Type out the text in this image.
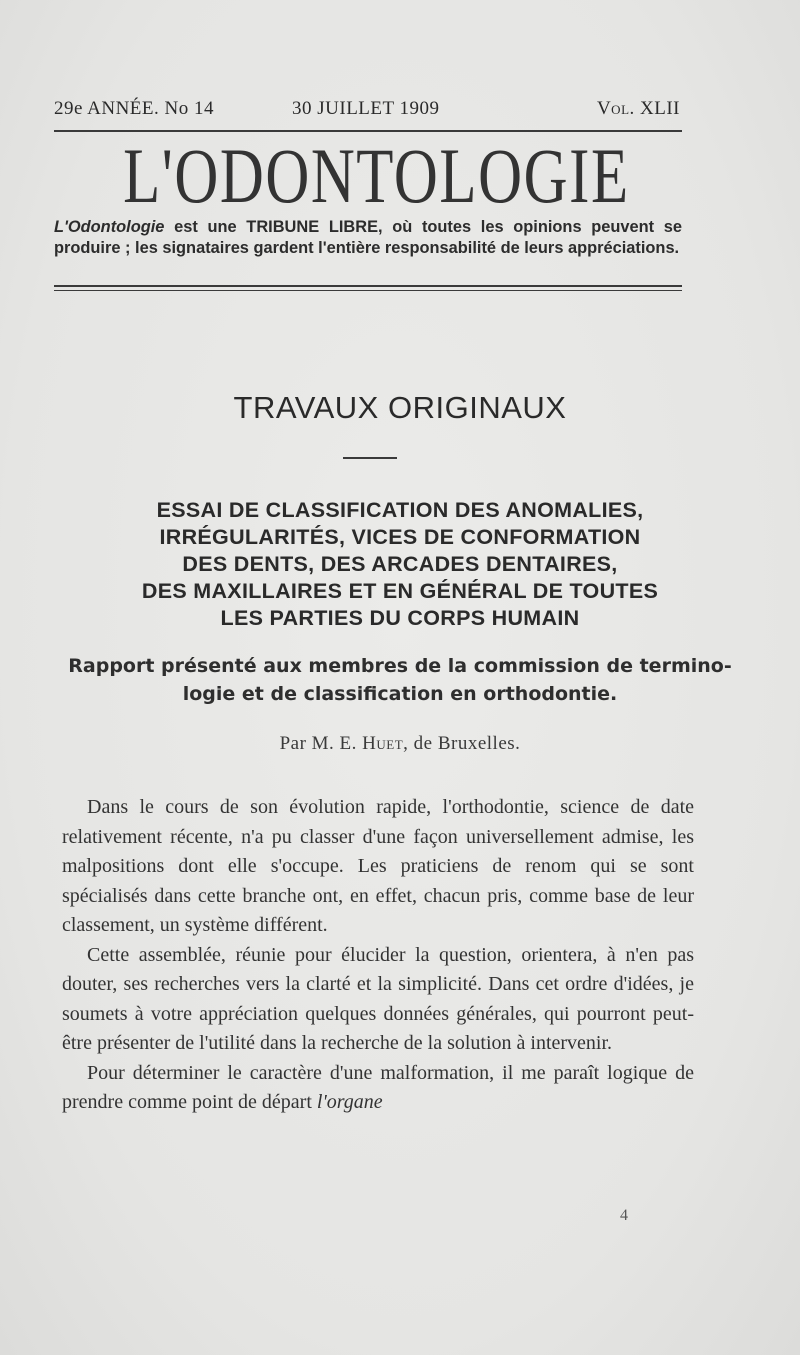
29e ANNÉE. No 14	30 JUILLET 1909	Vol. XLII
L'ODONTOLOGIE
L'Odontologie est une TRIBUNE LIBRE, où toutes les opinions peuvent se produire ; les signataires gardent l'entière responsabilité de leurs appréciations.
TRAVAUX ORIGINAUX
ESSAI DE CLASSIFICATION DES ANOMALIES,
IRRÉGULARITÉS, VICES DE CONFORMATION
DES DENTS, DES ARCADES DENTAIRES,
DES MAXILLAIRES ET EN GÉNÉRAL DE TOUTES
LES PARTIES DU CORPS HUMAIN
Rapport présenté aux membres de la commission de termino-
logie et de classification en orthodontie.
Par M. E. Huet, de Bruxelles.

Dans le cours de son évolution rapide, l'orthodontie, science de date relativement récente, n'a pu classer d'une façon universellement admise, les malpositions dont elle s'occupe. Les praticiens de renom qui se sont spécialisés dans cette branche ont, en effet, chacun pris, comme base de leur classement, un système différent.

Cette assemblée, réunie pour élucider la question, orientera, à n'en pas douter, ses recherches vers la clarté et la simplicité. Dans cet ordre d'idées, je soumets à votre appréciation quelques données générales, qui pourront peut-être présenter de l'utilité dans la recherche de la solution à intervenir.

Pour déterminer le caractère d'une malformation, il me paraît logique de prendre comme point de départ l'organe

4
